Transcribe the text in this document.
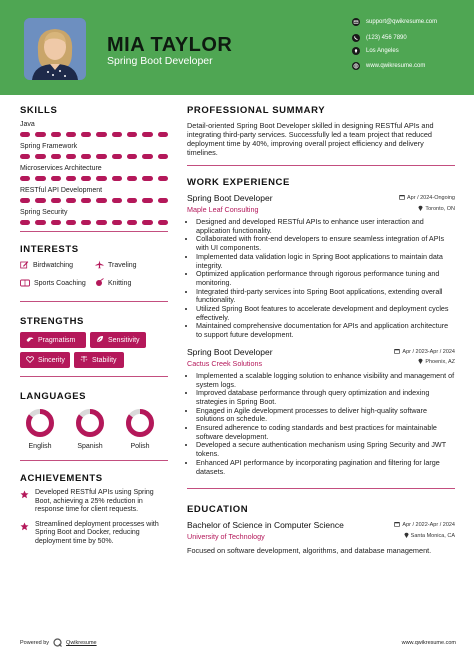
MIA TAYLOR
Spring Boot Developer
support@qwikresume.com
(123) 456 7890
Los Angeles
www.qwikresume.com
SKILLS
Java
Spring Framework
Microservices Architecture
RESTful API Development
Spring Security
INTERESTS
Birdwatching	Traveling
Sports Coaching	Knitting
STRENGTHS
Pragmatism	Sensitivity
Sincerity	Stability
LANGUAGES
English	Spanish	Polish
ACHIEVEMENTS
Developed RESTful APIs using Spring Boot, achieving a 25% reduction in response time for client requests.
Streamlined deployment processes with Spring Boot and Docker, reducing deployment time by 50%.
PROFESSIONAL SUMMARY

Detail-oriented Spring Boot Developer skilled in designing RESTful APIs and integrating third-party services. Successfully led a team project that reduced deployment time by 40%, improving overall project efficiency and delivery timelines.

WORK EXPERIENCE
Spring Boot Developer	Apr / 2024-Ongoing
Maple Leaf Consulting	Toronto, ON
• Designed and developed RESTful APIs to enhance user interaction and application functionality.
• Collaborated with front-end developers to ensure seamless integration of APIs with UI components.
• Implemented data validation logic in Spring Boot applications to maintain data integrity.
• Optimized application performance through rigorous performance tuning and monitoring.
• Integrated third-party services into Spring Boot applications, extending overall functionality.
• Utilized Spring Boot features to accelerate development and deployment cycles effectively.
• Maintained comprehensive documentation for APIs and application architecture to support future development.
Spring Boot Developer	Apr / 2023-Apr / 2024
Cactus Creek Solutions	Phoenix, AZ
• Implemented a scalable logging solution to enhance visibility and management of system logs.
• Improved database performance through query optimization and indexing strategies in Spring Boot.
• Engaged in Agile development processes to deliver high-quality software solutions on schedule.
• Ensured adherence to coding standards and best practices for maintainable software development.
• Developed a secure authentication mechanism using Spring Security and JWT tokens.
• Enhanced API performance by incorporating pagination and filtering for large datasets.
EDUCATION
Bachelor of Science in Computer Science	Apr / 2022-Apr / 2024
University of Technology	Santa Monica, CA

Focused on software development, algorithms, and database management.

Powered by	Qwikresume	www.qwikresume.com
